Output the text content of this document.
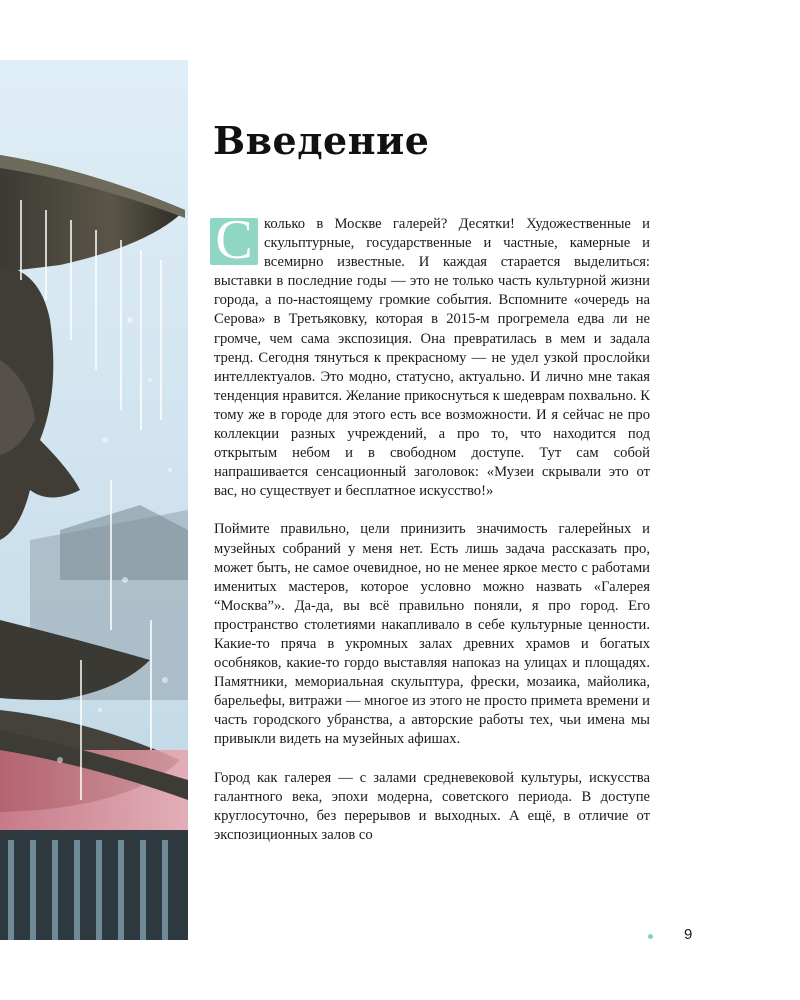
Введение

С колько в Москве галерей? Десятки! Художественные и скульптурные, государственные и частные, камерные и всемирно известные. И каждая старается выделиться: выставки в последние годы — это не только часть культурной жизни города, а по-настоящему громкие события. Вспомните «очередь на Серова» в Третьяковку, которая в 2015-м прогремела едва ли не громче, чем сама экспозиция. Она превратилась в мем и задала тренд. Сегодня тянуться к прекрасному — не удел узкой прослойки интеллектуалов. Это модно, статусно, актуально. И лично мне такая тенденция нравится. Желание прикоснуться к шедеврам похвально. К тому же в городе для этого есть все возможности. И я сейчас не про коллекции разных учреждений, а про то, что находится под открытым небом и в свободном доступе. Тут сам собой напрашивается сенсационный заголовок: «Музеи скрывали это от вас, но существует и бесплатное искусство!»

Поймите правильно, цели принизить значимость галерейных и музейных собраний у меня нет. Есть лишь задача рассказать про, может быть, не самое очевидное, но не менее яркое место с работами именитых мастеров, которое условно можно назвать «Галерея “Москва”». Да-да, вы всё правильно поняли, я про город. Его пространство столетиями накапливало в себе культурные ценности. Какие-то пряча в укромных залах древних храмов и богатых особняков, какие-то гордо выставляя напоказ на улицах и площадях. Памятники, мемориальная скульптура, фрески, мозаика, майолика, барельефы, витражи — многое из этого не просто примета времени и часть городского убранства, а авторские работы тех, чьи имена мы привыкли видеть на музейных афишах.

Город как галерея — с залами средневековой культуры, искусства галантного века, эпохи модерна, советского периода. В доступе круглосуточно, без перерывов и выходных. А ещё, в отличие от экспозиционных залов со

9
